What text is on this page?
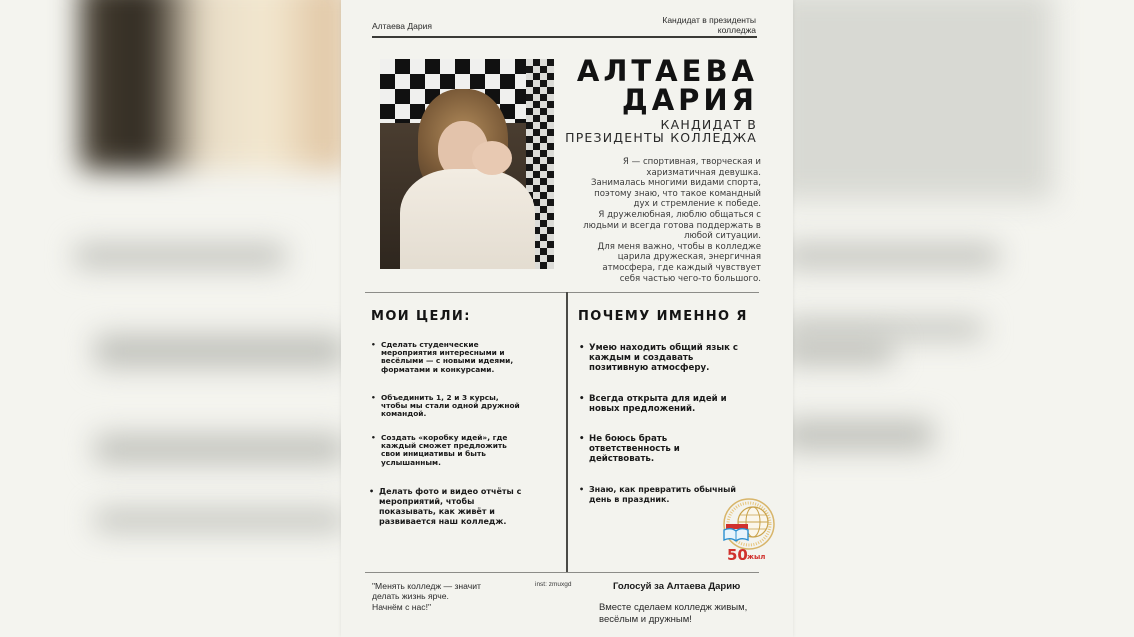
Алтаева Дария
Кандидат в президенты
колледжа
АЛТАЕВА
ДАРИЯ
КАНДИДАТ В
ПРЕЗИДЕНТЫ КОЛЛЕДЖА
Я — спортивная, творческая и
харизматичная девушка.
Занималась многими видами спорта,
поэтому знаю, что такое командный
дух и стремление к победе.
Я дружелюбная, люблю общаться с
людьми и всегда готова поддержать в
любой ситуации.
Для меня важно, чтобы в колледже
царила дружеская, энергичная
атмосфера, где каждый чувствует
себя частью чего-то большого.
МОИ ЦЕЛИ:
• Сделать студенческие мероприятия интересными и весёлыми — с новыми идеями, форматами и конкурсами.
• Объединить 1, 2 и 3 курсы, чтобы мы стали одной дружной командой.
• Создать «коробку идей», где каждый сможет предложить свои инициативы и быть услышанным.
• Делать фото и видео отчёты с мероприятий, чтобы показывать, как живёт и развивается наш колледж.
ПОЧЕМУ ИМЕННО Я
• Умею находить общий язык с каждым и создавать позитивную атмосферу.
• Всегда открыта для идей и новых предложений.
• Не боюсь брать ответственность и действовать.
• Знаю, как превратить обычный день в праздник.
50 жыл
"Менять колледж — значит
делать жизнь ярче.
Начнём с нас!"
inst: zmuxgd	Голосуй за Алтаева Дарию
Вместе сделаем колледж живым,
весёлым и дружным!
